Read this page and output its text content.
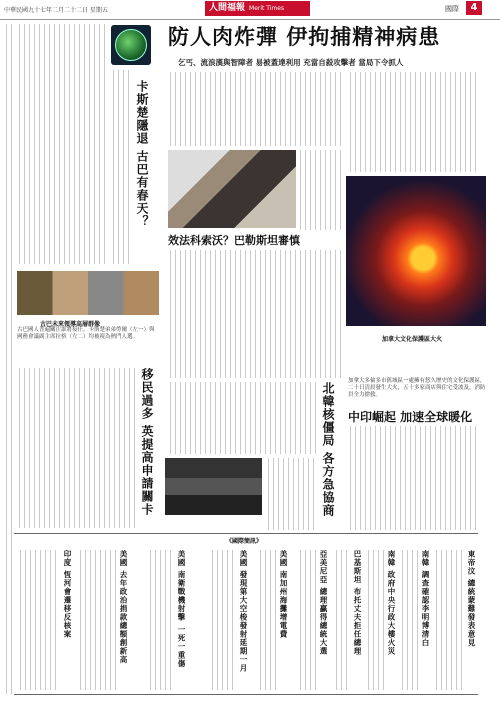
中華民國九十七年二月二十二日 星期五	人間福報 Merit Times	國際	4
卡斯楚隱退 古巴有春天？
古巴未來領導高層群像
古巴國人普遍關注誰將接任，卡斯楚弟弟勞爾（左一）與國務會議副主席拉格（左二）均被視為熱門人選。
移民過多 英提高申請關卡
防人肉炸彈 伊拘捕精神病患
乞丐、流浪漢與智障者 易被蓋達利用 充當自殺攻擊者 當局下令抓人
效法科索沃？巴勒斯坦審慎
北韓核僵局 各方急協商
加拿大文化保護區大火
加拿大多倫多市舊城區一處擁有悠久歷史的文化保護區，二十日清晨發生大火，五十多家商店與住宅受波及，消防員全力搶救。
中印崛起 加速全球暖化
《國際簡訊》
東帝汶 總統蒙難發表意見
南韓 調查確認李明博清白
南韓 政府中央行政大樓火災
巴基斯坦 布托丈夫拒任總理
亞美尼亞 總理贏得總統大選
美國 南加州海攤增電費
美國 發現第大空梭發射延期一月
美國 南衛戰機射擊 一死一重傷
美國 去年政治捐款總額創新高
印度 恆河會遷移反核案
